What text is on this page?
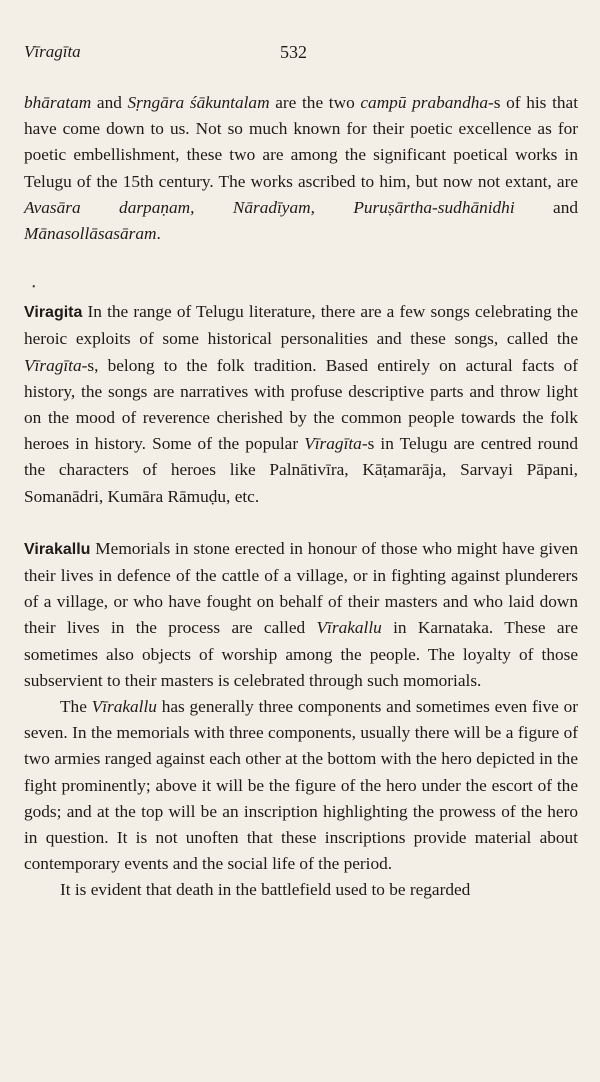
Vīragīta	532
•

bhāratam and Sṛngāra śākuntalam are the two campū prabandha-s of his that have come down to us. Not so much known for their poetic excellence as for poetic embellishment, these two are among the significant poetical works in Telugu of the 15th century. The works ascribed to him, but now not extant, are Avasāra darpaṇam, Nāradīyam, Puruṣārtha-sudhānidhi and Mānasollāsasāram.

Viragita In the range of Telugu literature, there are a few songs celebrating the heroic exploits of some historical personalities and these songs, called the Vīragīta-s, belong to the folk tradition. Based entirely on actural facts of history, the songs are narratives with profuse descriptive parts and throw light on the mood of reverence cherished by the common people towards the folk heroes in history. Some of the popular Vīragīta-s in Telugu are centred round the characters of heroes like Palnātivīra, Kāṭamarāja, Sarvayi Pāpani, Somanādri, Kumāra Rāmuḍu, etc.

Virakallu Memorials in stone erected in honour of those who might have given their lives in defence of the cattle of a village, or in fighting against plunderers of a village, or who have fought on behalf of their masters and who laid down their lives in the process are called Vīrakallu in Karnataka. These are sometimes also objects of worship among the people. The loyalty of those subservient to their masters is celebrated through such momorials.

The Vīrakallu has generally three components and sometimes even five or seven. In the memorials with three components, usually there will be a figure of two armies ranged against each other at the bottom with the hero depicted in the fight prominently; above it will be the figure of the hero under the escort of the gods; and at the top will be an inscription highlighting the prowess of the hero in question. It is not unoften that these inscriptions provide material about contemporary events and the social life of the period.

It is evident that death in the battlefield used to be regarded
